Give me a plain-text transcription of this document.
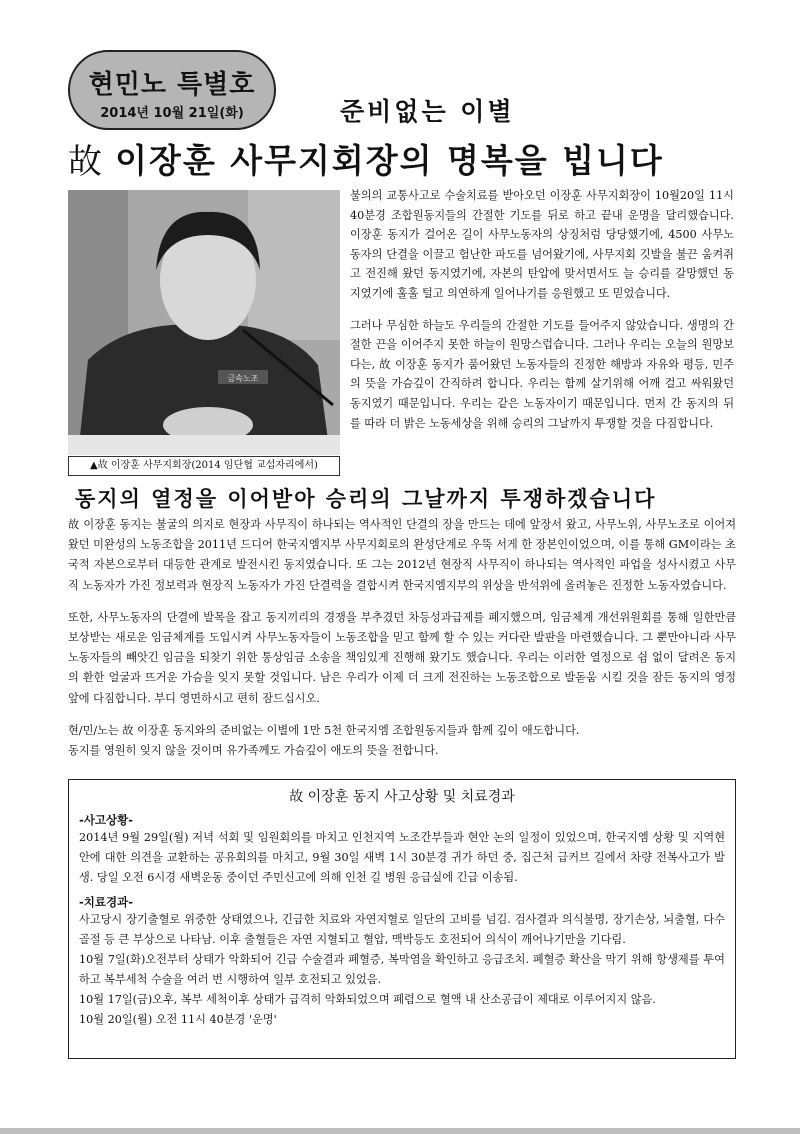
현민노 특별호
2014년 10월 21일(화)	준비없는 이별
故 이장훈 사무지회장의 명복을 빕니다
금속노조
▲故 이장훈 사무지회장(2014 임단협 교섭자리에서)

불의의 교통사고로 수술치료를 받아오던 이장훈 사무지회장이 10월20일 11시 40분경 조합원동지들의 간절한 기도를 뒤로 하고 끝내 운명을 달리했습니다. 이장훈 동지가 걸어온 길이 사무노동자의 상징처럼 당당했기에, 4500 사무노동자의 단결을 이끌고 험난한 파도를 넘어왔기에, 사무지회 깃발을 불끈 움켜쥐고 전진해 왔던 동지였기에, 자본의 탄압에 맞서면서도 늘 승리를 갈망했던 동지였기에 훌훌 털고 의연하게 일어나기를 응원했고 또 믿었습니다.

그러나 무심한 하늘도 우리들의 간절한 기도를 들어주지 않았습니다. 생명의 간절한 끈을 이어주지 못한 하늘이 원망스럽습니다. 그러나 우리는 오늘의 원망보다는, 故 이장훈 동지가 품어왔던 노동자들의 진정한 해방과 자유와 평등, 민주의 뜻을 가슴깊이 간직하려 합니다. 우리는 함께 살기위해 어깨 걸고 싸워왔던 동지였기 때문입니다. 우리는 같은 노동자이기 때문입니다. 먼저 간 동지의 뒤를 따라 더 밝은 노동세상을 위해 승리의 그날까지 투쟁할 것을 다짐합니다.

동지의 열정을 이어받아 승리의 그날까지 투쟁하겠습니다

故 이장훈 동지는 불굴의 의지로 현장과 사무직이 하나되는 역사적인 단결의 장을 만드는 데에 앞장서 왔고, 사무노위, 사무노조로 이어져 왔던 미완성의 노동조합을 2011년 드디어 한국지엠지부 사무지회로의 완성단계로 우뚝 서게 한 장본인이었으며, 이를 통해 GM이라는 초국적 자본으로부터 대등한 관계로 발전시킨 동지였습니다. 또 그는 2012년 현장직 사무직이 하나되는 역사적인 파업을 성사시켰고 사무직 노동자가 가진 정보력과 현장직 노동자가 가진 단결력을 결합시켜 한국지엠지부의 위상을 반석위에 올려놓은 진정한 노동자였습니다.

또한, 사무노동자의 단결에 발목을 잡고 동지끼리의 경쟁을 부추겼던 차등성과급제를 폐지했으며, 임금체계 개선위원회를 통해 일한만큼 보상받는 새로운 임금체계를 도입시켜 사무노동자들이 노동조합을 믿고 함께 할 수 있는 커다란 발판을 마련했습니다. 그 뿐만아니라 사무노동자들의 빼앗긴 임금을 되찾기 위한 통상임금 소송을 책임있게 진행해 왔기도 했습니다. 우리는 이러한 열정으로 쉼 없이 달려온 동지의 환한 얼굴과 뜨거운 가슴을 잊지 못할 것입니다. 남은 우리가 이제 더 크게 전진하는 노동조합으로 발돋움 시킬 것을 잠든 동지의 영정 앞에 다짐합니다. 부디 영면하시고 편히 잠드십시오.

현/민/노는 故 이장훈 동지와의 준비없는 이별에 1만 5천 한국지엠 조합원동지들과 함께 깊이 애도합니다.

동지를 영원히 잊지 않을 것이며 유가족께도 가슴깊이 애도의 뜻을 전합니다.

故 이장훈 동지 사고상황 및 치료경과
-사고상황-

2014년 9월 29일(월) 저녁 석회 및 임원회의를 마치고 인천지역 노조간부들과 현안 논의 일정이 있었으며, 한국지엠 상황 및 지역현안에 대한 의견을 교환하는 공유회의를 마치고, 9월 30일 새벽 1시 30분경 귀가 하던 중, 집근처 급커브 길에서 차량 전복사고가 발생. 당일 오전 6시경 새벽운동 중이던 주민신고에 의해 인천 길 병원 응급실에 긴급 이송됨.

-치료경과-

사고당시 장기출혈로 위중한 상태였으나, 긴급한 치료와 자연지혈로 일단의 고비를 넘김. 검사결과 의식불명, 장기손상, 뇌출혈, 다수 골절 등 큰 부상으로 나타남. 이후 출혈들은 자연 지혈되고 혈압, 맥박등도 호전되어 의식이 깨어나기만을 기다림.

10월 7일(화)오전부터 상태가 악화되어 긴급 수술결과 폐혈증, 복막염을 확인하고 응급조치. 폐혈증 확산을 막기 위해 항생제를 투여하고 복부세척 수술을 여러 번 시행하여 일부 호전되고 있었음.

10월 17일(금)오후, 복부 세척이후 상태가 급격히 악화되었으며 폐렴으로 혈액 내 산소공급이 제대로 이루어지지 않음.

10월 20일(월) 오전 11시 40분경 '운명'
